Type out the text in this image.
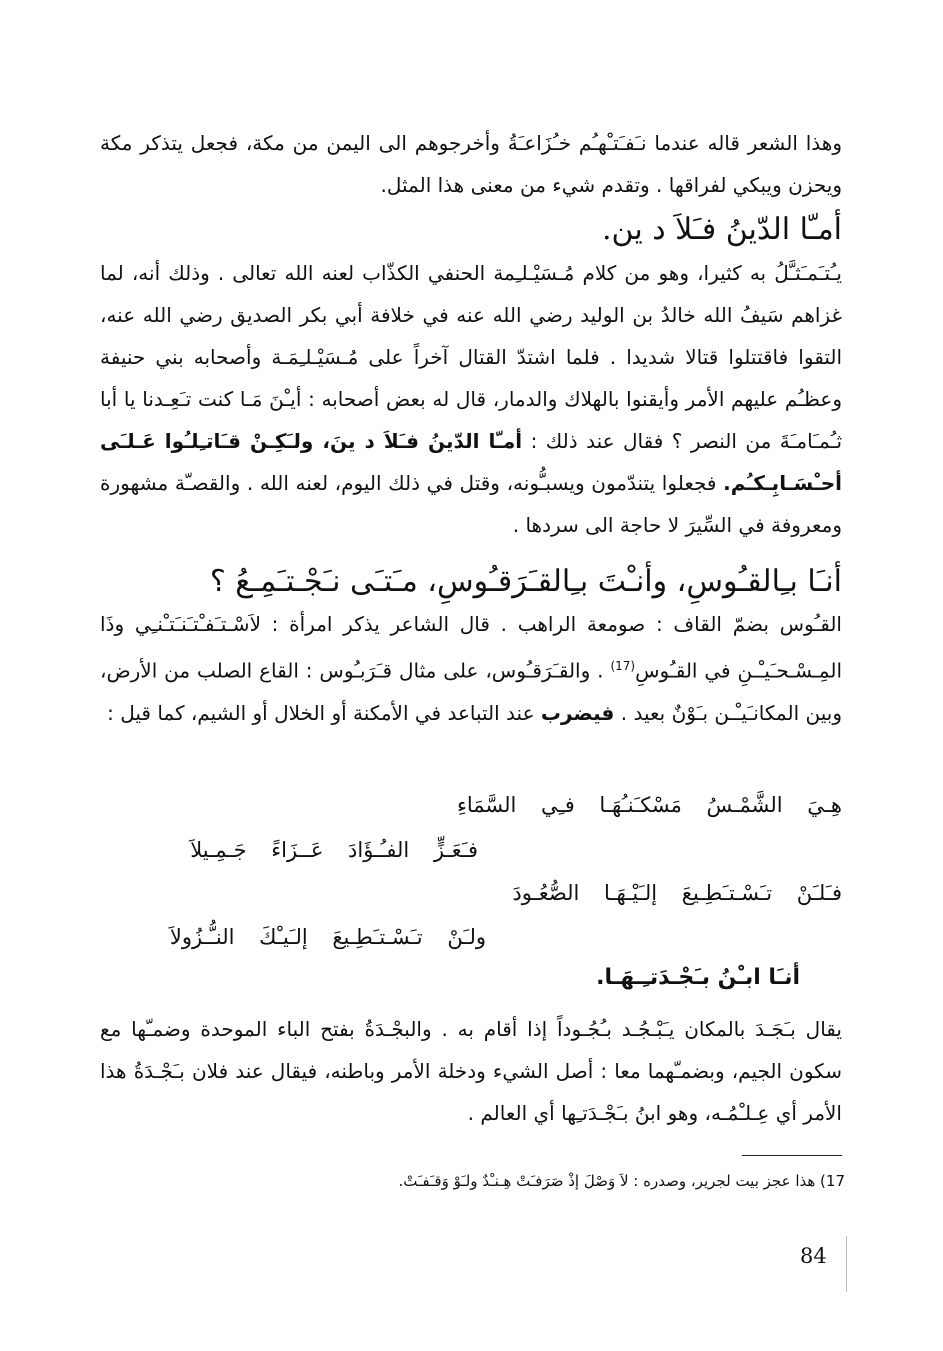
وهذا الشعر قاله عندما نـَفـَتـْهـُم خـُزَاعـَةُ وأخرجوهم الى اليمن من مكة، فجعل يتذكر مكة ويحزن ويبكي لفراقها . وتقدم شيء من معنى هذا المثل.

أمـّا الدّينُ فـَلاَ د ين.

يـُتـَمـَثـَّلُ به كثيرا، وهو من كلام مُـسَيْـلـِمة الحنفي الكذّاب لعنه الله تعالى . وذلك أنه، لما غزاهم سَيفُ الله خالدُ بن الوليد رضي الله عنه في خلافة أبي بكر الصديق رضي الله عنه، التقوا فاقتتلوا قتالا شديدا . فلما اشتدّ القتال آخراً على مُـسَيْـلـِمَـة وأصحابه بني حنيفة وعظـُم عليهم الأمر وأيقنوا بالهلاك والدمار، قال له بعض أصحابه : أيـْنَ مَـا كنت تـَعِـدنا يا أبا ثـُمـَامـَةَ من النصر ؟ فقال عند ذلك : أمـّا الدّينُ فـَلاَ د ينَ، ولـَكِـنْ قـَاتـِلـُوا عَـلـَى أحـْسَـابِـكـُم. فجعلوا يتندّمون ويسبـُّونه، وقتل في ذلك اليوم، لعنه الله . والقصـّة مشهورة ومعروفة في السِّيرَ لا حاجة الى سردها .

أنـَا بـِالقـُوسِ، وأنـْتَ بـِالقـَرَقـُوسِ، مـَتـَى نـَجْـتـَمِـعُ ؟

القـُوس بضمّ القاف : صومعة الراهب . قال الشاعر يذكر امرأة : لاَسْـتـَفـْتـَنـَتـْنـِي وذَا المِـسْـحـَيـْـنِ في القـُوسِ$^{(17)}$ . والقـَرَقـُوس، على مثال قـَرَبـُوس : القاع الصلب من الأرض، وبين المكانـَيـْـن بـَوْنٌ بعيد . فيضرب عند التباعد في الأمكنة أو الخلال أو الشيم، كما قيل :

هِـيَ الشَّمْـسُ مَسْكـَنـُهَـا فـِي السَّمَاءِ

فـَعَـزٍّ الفـُـؤَادَ عَــزَاءً جَـمِـيلاَ

فـَلـَنْ تـَسْـتـَطِـيعَ إلـَيْـهَـا الصُّعُـودَ

ولـَنْ تـَسْـتـَطِـيعَ إلـَيـْكَ النـُّـزُولاَ

أنـَا ابـْنُ بـَجْـدَتـِـهَـا.

يقال بـَجَـدَ بالمكان يـَبْـجُـد بـُجُـوداً إذا أقام به . والبجْـدَةُ بفتح الباء الموحدة وضمـّها مع سكون الجيم، وبضمـّهما معا : أصل الشيء ودخلة الأمر وباطنه، فيقال عند فلان بـَجْـدَةُ هذا الأمر أي عِـلـْمُـه، وهو ابنُ بـَجْـدَتـِها أي العالم .

17) هذا عجز بيت لجرير، وصدره : لاَ وَصْلَ إذْ صَرَفـَتْ هِـنـْدٌ ولـَوْ وَقـَفـَتْ.
84
